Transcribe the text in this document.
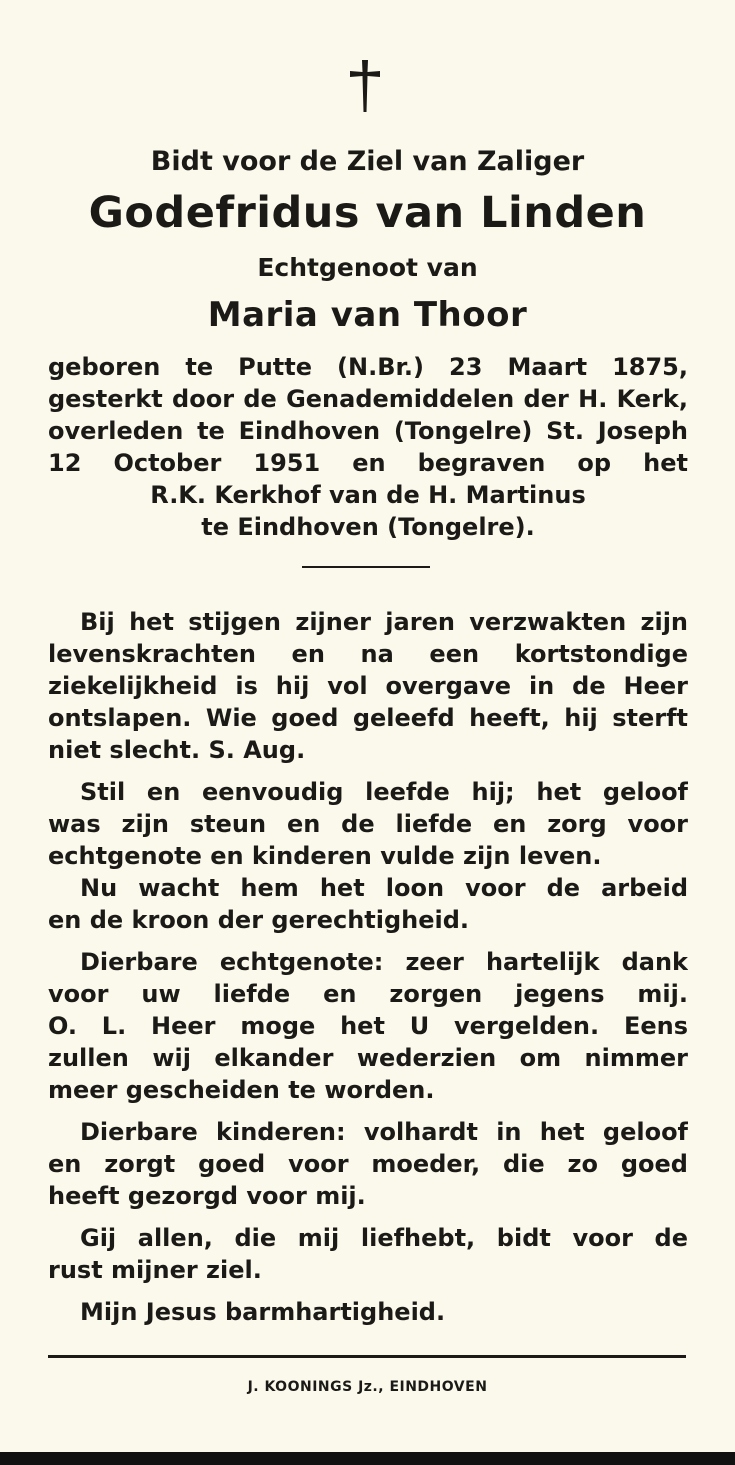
Bidt voor de Ziel van Zaliger
Godefridus van Linden
Echtgenoot van
Maria van Thoor
geboren te Putte (N.Br.) 23 Maart 1875,
gesterkt door de Genademiddelen der H. Kerk,
overleden te Eindhoven (Tongelre) St. Joseph
12 October 1951 en begraven op het
R.K. Kerkhof van de H. Martinus
te Eindhoven (Tongelre).
Bij het stijgen zijner jaren verzwakten zijn
levenskrachten en na een kortstondige
ziekelijkheid is hij vol overgave in de Heer
ontslapen. Wie goed geleefd heeft, hij sterft
niet slecht. S. Aug.
Stil en eenvoudig leefde hij; het geloof
was zijn steun en de liefde en zorg voor
echtgenote en kinderen vulde zijn leven.
Nu wacht hem het loon voor de arbeid
en de kroon der gerechtigheid.
Dierbare echtgenote: zeer hartelijk dank
voor uw liefde en zorgen jegens mij.
O. L. Heer moge het U vergelden. Eens
zullen wij elkander wederzien om nimmer
meer gescheiden te worden.
Dierbare kinderen: volhardt in het geloof
en zorgt goed voor moeder, die zo goed
heeft gezorgd voor mij.
Gij allen, die mij liefhebt, bidt voor de
rust mijner ziel.
Mijn Jesus barmhartigheid.
J. KOONINGS Jz., EINDHOVEN
